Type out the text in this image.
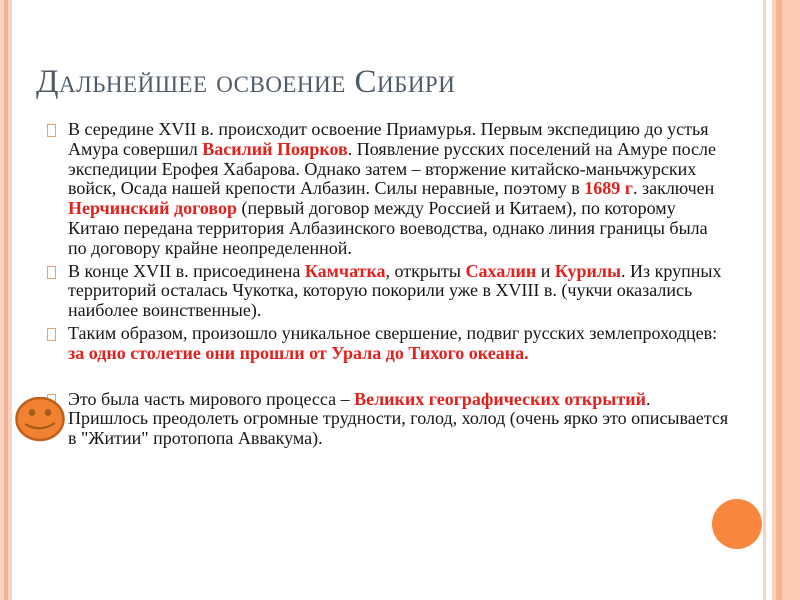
Дальнейшее освоение Сибири
В середине XVII в. происходит освоение Приамурья. Первым экспедицию до устья Амура совершил Василий Поярков. Появление русских поселений на Амуре после экспедиции Ерофея Хабарова. Однако затем – вторжение китайско-маньчжурских войск, Осада нашей крепости Албазин. Силы неравные, поэтому в 1689 г. заключен Нерчинский договор (первый договор между Россией и Китаем), по которому Китаю передана территория Албазинского воеводства, однако линия границы была по договору крайне неопределенной.
В конце XVII в. присоединена Камчатка, открыты Сахалин и Курилы. Из крупных территорий осталась Чукотка, которую покорили уже в XVIII в. (чукчи оказались наиболее воинственные).
Таким образом, произошло уникальное свершение, подвиг русских землепроходцев: за одно столетие они прошли от Урала до Тихого океана.
Это была часть мирового процесса – Великих географических открытий. Пришлось преодолеть огромные трудности, голод, холод (очень ярко это описывается в "Житии" протопопа Аввакума).
